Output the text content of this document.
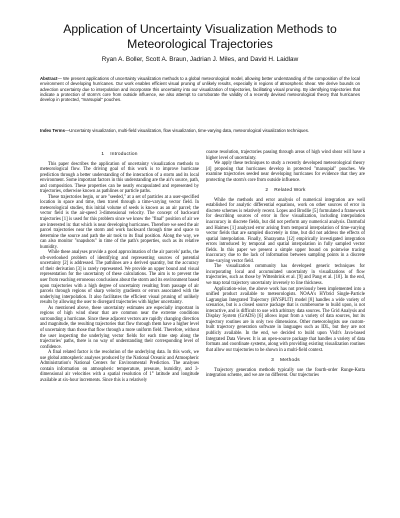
Application of Uncertainty Visualization Methods to
Meteorological Trajectories
Ryan A. Boller, Scott A. Braun, Jadrian J. Miles, and David H. Laidlaw
Abstract— We present applications of uncertainty visualization methods to a global meteorological model, allowing better understanding of the composition of the local environment of developing hurricanes. Our work enables efficient visual pruning of unlikely results, especially in regions of atmospheric shear. We derive bounds on advection uncertainty due to interpolation and incorporate this uncertainty into our visualization of trajectories, facilitating visual pruning. By identifying trajectories that indicate a protection of storm's core from outside influence, we also attempt to corroborate the validity of a recently devised meteorological theory that hurricanes develop in protected, "marsupial" pouches.
Index Terms—Uncertainty visualization, multi-field visualization, flow visualization, time-varying data, meteorological visualization techniques.
1 Introduction

This paper describes the application of uncertainty visualization methods to meteorological flow. The driving goal of this work is to improve hurricane prediction through a better understanding of the interaction of a storm and its local environment. Some important factors in this understanding are the air's source, path, and composition. These properties can be neatly encapsulated and represented by trajectories, otherwise known as pathlines or particle paths.

These trajectories begin, or are "seeded," at a set of particles at a user-specified location in space and time, then travel through a time-varying vector field. In meteorological studies, this initial volume of seeds is known as an air parcel; the vector field is the air-speed 3-dimensional velocity. The concept of backward trajectories [1] is used for this problem since we know the "final" position of air we are interested in: that which is near developing hurricanes. Therefore we seed the air parcel trajectories near the storm and work backward through time and space to determine the source and path the air took to its final position. Along the way, we can also monitor "snapshots" in time of the path's properties, such as its relative humidity.

While these analyses provide a good approximation of the air parcels' paths, the oft-overlooked problem of identifying and representing sources of potential uncertainty [2] is addressed. The pathlines are a derived quantity, but the accuracy of their derivation [3] is rarely represented. We provide an upper bound and visual representation for the uncertainty of these calculations. The aim is to prevent the user from reaching erroneous conclusions about the storm and its environment based upon trajectories with a high degree of uncertainty resulting from passage of air parcels through regions of sharp velocity gradients or errors associated with the underlying interpolation. It also facilitates the efficient visual pruning of unlikely results by allowing the user to disregard trajectories with higher uncertainty.

As mentioned above, these uncertainty estimates are especially important in regions of high wind shear that are common near the extreme conditions surrounding a hurricane. Since these adjacent vectors are rapidly changing direction and magnitude, the resulting trajectories that flow through them have a higher level of uncertainty than those that flow through a more uniform field. Therefore, without the user inspecting the underlying vector fields for each time step along the trajectories' paths, there is no way of understanding their corresponding level of confidence.

A final related factor is the resolution of the underlying data. In this work, we use global atmospheric analyses produced by the National Oceanic and Atmospheric Administration's National Centers for Environmental Prediction. The analyses contain information on atmospheric temperature, pressure, humidity, and 3-dimensional air velocities with a spatial resolution of 1° latitude and longitude available at six-hour increments. Since this is a relatively

coarse resolution, trajectories passing through areas of high wind shear will have a higher level of uncertainty.

We apply these techniques to study a recently developed meteorological theory [4] proposing that hurricanes develop in protected "marsupial" pouches. We examine trajectories seeded near developing hurricanes for evidence that they are protecting the storm's core from outside influence.

2 Related Work

While the methods and error analysis of numerical integration are well established for analytic differential equations, work on other sources of error in discrete schemes is relatively recent. Lopes and Brodlie [5] formulated a framework for describing sources of error in flow visualization, including interpolation inaccuracy in discrete fields, but did not perform any numerical analysis. Darmofal and Haimes [1] analyzed error arising from temporal interpolation of time-varying vector fields that are sampled discretely in time, but did not address the effects of spatial interpolation. Finally, Sharayama [12] empirically investigated integration errors introduced by temporal and spatial interpolation in fully sampled vector fields. In this paper we present a simple upper bound on pointwise tracing inaccuracy due to the lack of information between sampling points in a discrete time-varying vector field.

The visualization community has developed generic techniques for incorporating local and accumulated uncertainty in visualizations of flow trajectories, such as those by Wittenbrink et al. [9] and Pang et al. [10]. In the end, we map total trajectory uncertainty inversely to line thickness.

Application-wise, the above work has not previously been implemented into a unified product available to meteorologists. NOAA's HYbrid Single-Particle Lagrangian Integrated Trajectory (HYSPLIT) model [8] handles a wide variety of scenarios, but is a closed source package that is cumbersome to build upon, is not interactive, and is difficult to use with arbitrary data sources. The Grid Analysis and Display System (GrADS) [6] allows input from a variety of data sources, but its trajectory routines are in only two dimensions. Other meteorologists use custom-built trajectory generation software in languages such as IDL, but they are not publicly available. In the end, we decided to build upon VisIt's Java-based Integrated Data Viewer. It is an open-source package that handles a variety of data formats and coordinate systems, along with providing existing visualization routines that allow our trajectories to be shown in a multi-field context.

3 Methods

Trajectory generation methods typically use the fourth-order Runge-Kutta integration scheme, and we are no different. Our trajectories
